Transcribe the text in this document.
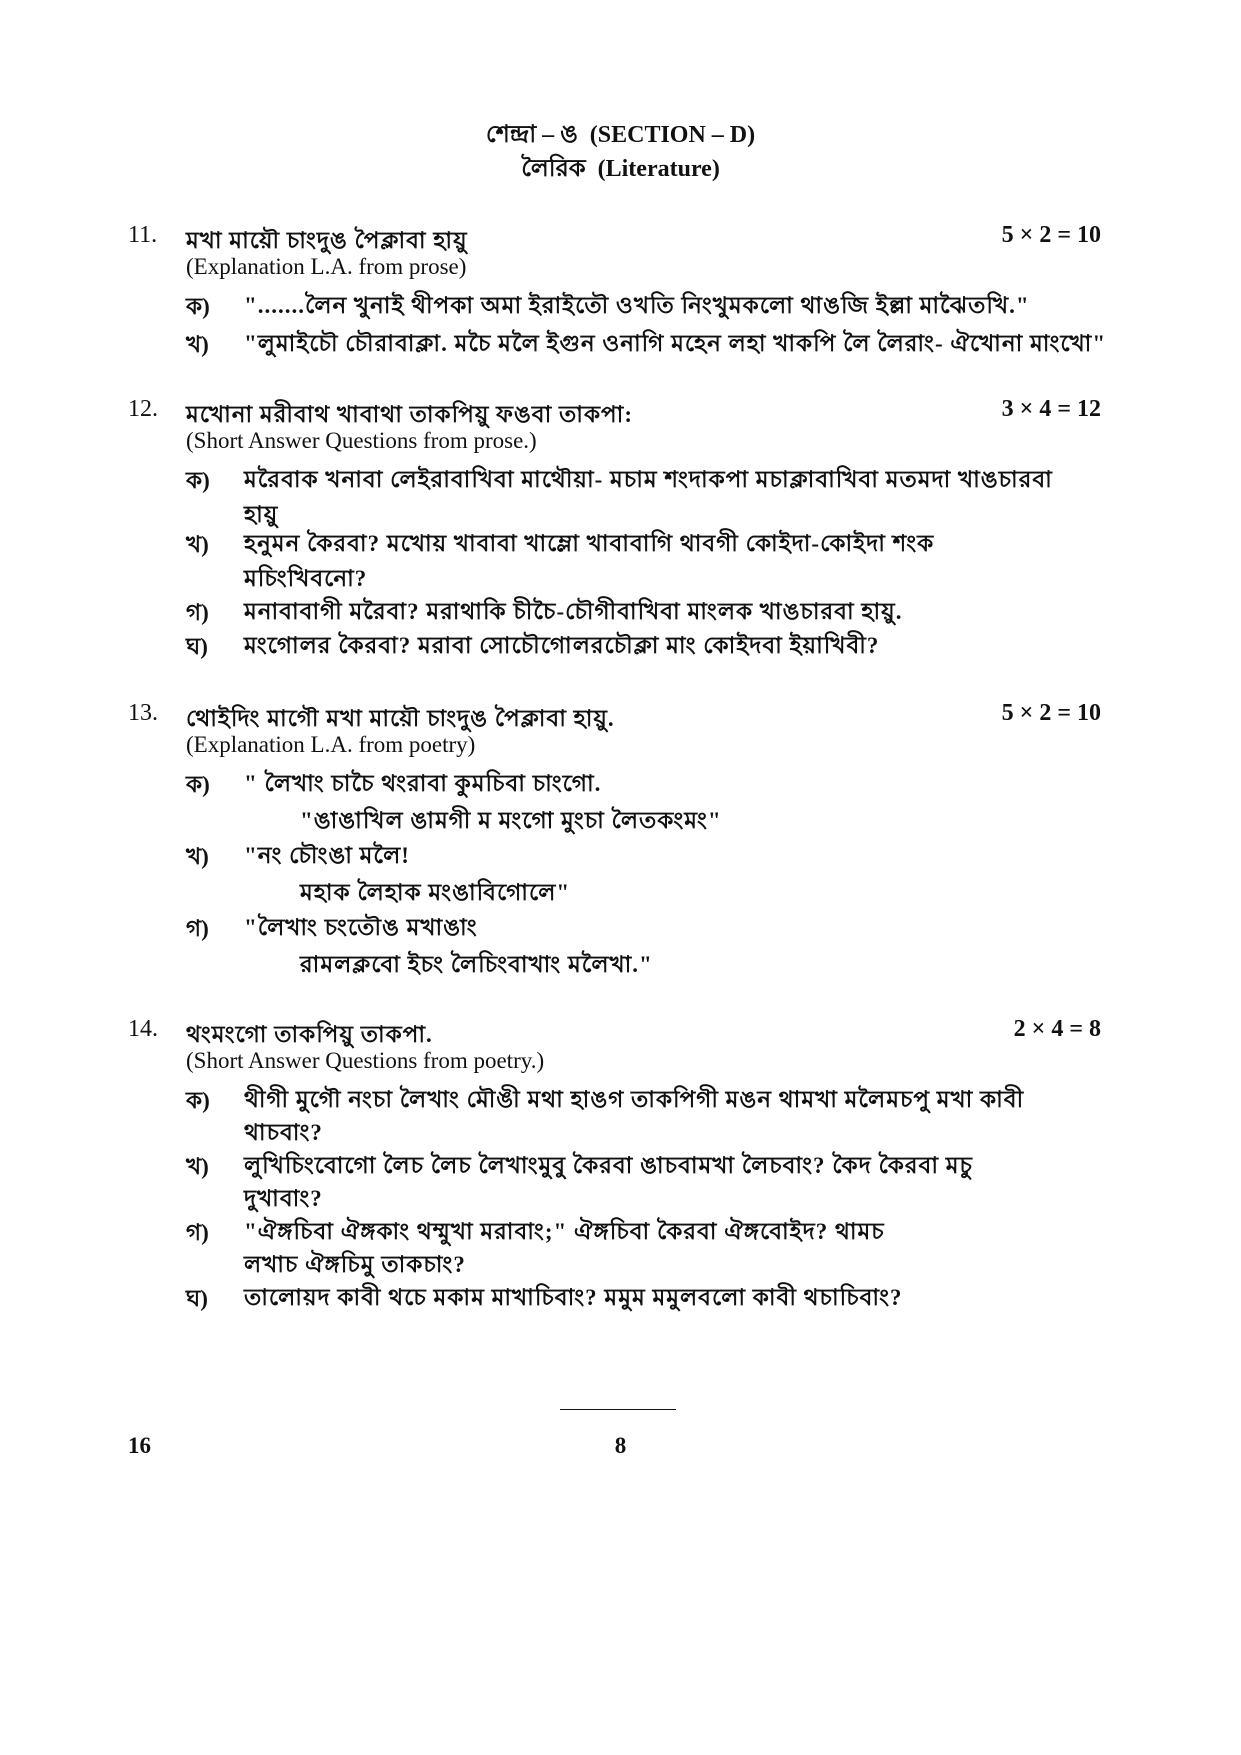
শেন্দ্রা – ঙ (SECTION – D)
লৈরিক (Literature)
11. মখা মায়ৌ চাংদুঙ পৈক্লাবা হায়ু	5 × 2 = 10
(Explanation L.A. from prose)
ক) ".......লৈন খুনাই থীপকা অমা ইরাইতৌ ওখতি নিংখুমকলো থাঙজি ইল্লা মাঝৈতখি."
খ) "লুমাইচৌ চৌরাবাক্লা. মচৈ মলৈ ইগুন ওনাগি মহেন লহা খাকপি লৈ লৈরাং- ঐখোনা মাংখো"
12. মখোনা মরীবাথ খাবাথা তাকপিয়ু ফঙবা তাকপা:	3 × 4 = 12
(Short Answer Questions from prose.)
ক) মরৈবাক খনাবা লেইরাবাখিবা মাথৌয়া- মচাম শংদাকপা মচাক্লাবাখিবা মতমদা খাঙচারবা
হায়ু
খ) হনুমন কৈরবা? মখোয় খাবাবা খাম্লো খাবাবাগি থাবগী কোইদা-কোইদা শংক
মচিংখিবনো?
গ) মনাবাবাগী মরৈবা? মরাথাকি চীচৈ-চৌগীবাখিবা মাংলক খাঙচারবা হায়ু.
ঘ) মংগোলর কৈরবা? মরাবা সোচৌগোলরচৌক্লা মাং কোইদবা ইয়াখিবী?
13. থোইদিং মাগৌ মখা মায়ৌ চাংদুঙ পৈক্লাবা হায়ু.	5 × 2 = 10
(Explanation L.A. from poetry)
ক) " লৈখাং চাচৈ থংরাবা কুমচিবা চাংগো.
"ঙাঙাখিল ঙামগী ম মংগো মুংচা লৈতকংমং"
খ) "নং চৌংঙা মলৈ!
মহাক লৈহাক মংঙাবিগোলে"
গ) "লৈখাং চংতৌঙ মখাঙাং
রামলক্লবো ইচং লৈচিংবাখাং মলৈখা."
14. থংমংগো তাকপিয়ু তাকপা.	2 × 4 = 8
(Short Answer Questions from poetry.)
ক) থীগী মুগৌ নংচা লৈখাং মৌঙী মথা হাঙগ তাকপিগী মঙন থামখা মলৈমচপু মখা কাবী
থাচবাং?
খ) লুখিচিংবোগো লৈচ লৈচ লৈখাংমুবু কৈরবা ঙাচবামখা লৈচবাং? কৈদ কৈরবা মচু
দুখাবাং?
গ) "ঐঙ্গচিবা ঐঙ্গকাং থম্মুখা মরাবাং;" ঐঙ্গচিবা কৈরবা ঐঙ্গবোইদ? থামচ
লখাচ ঐঙ্গচিমু তাকচাং?
ঘ) তালোয়দ কাবী থচে মকাম মাখাচিবাং? মমুম মমুলবলো কাবী থচাচিবাং?
16	8
